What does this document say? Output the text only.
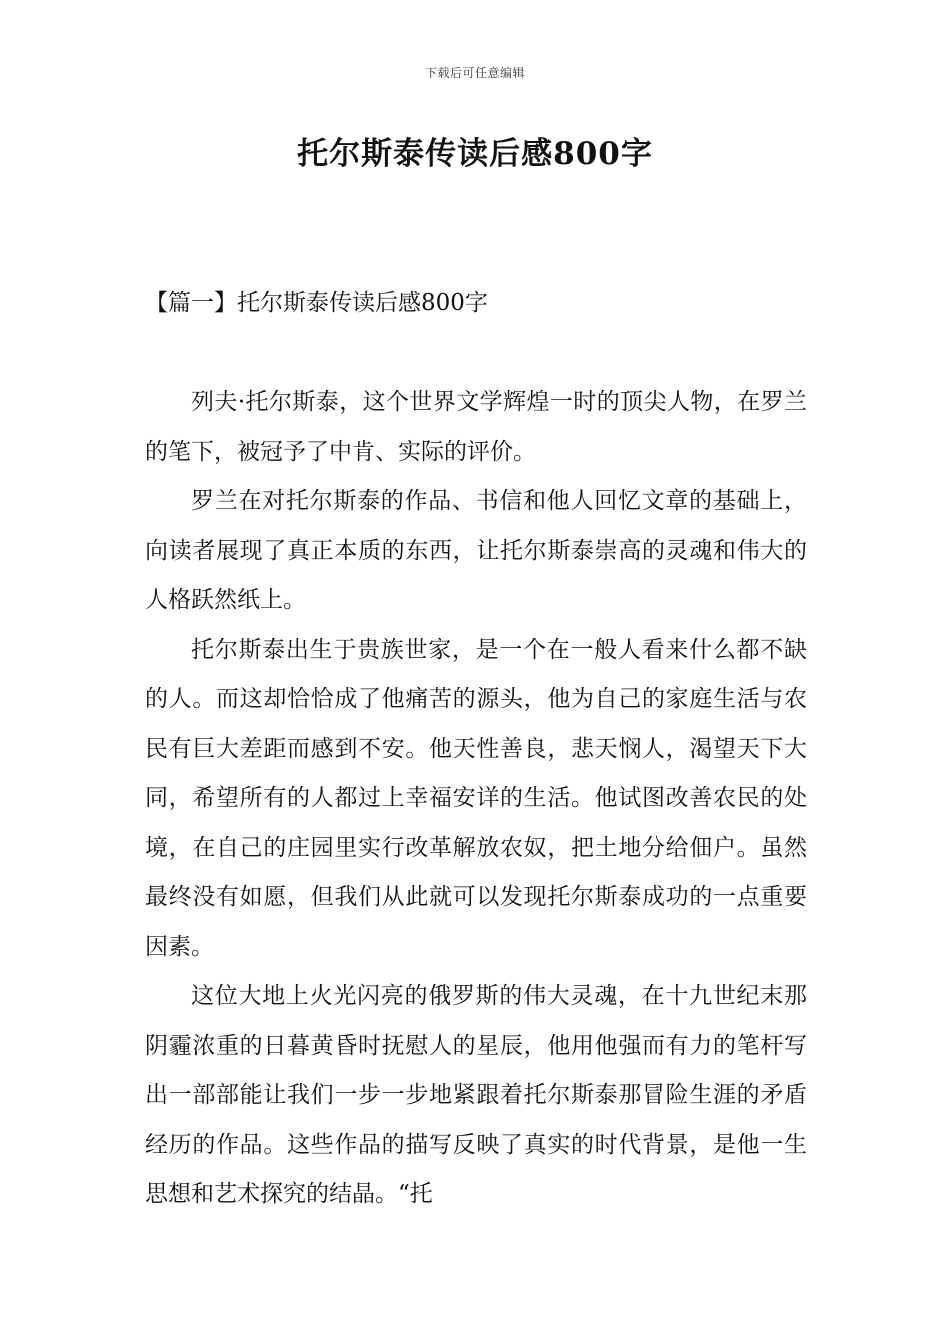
下载后可任意编辑
托尔斯泰传读后感800字
【篇一】托尔斯泰传读后感800字

列夫·托尔斯泰，这个世界文学辉煌一时的顶尖人物，在罗兰的笔下，被冠予了中肯、实际的评价。

罗兰在对托尔斯泰的作品、书信和他人回忆文章的基础上，向读者展现了真正本质的东西，让托尔斯泰崇高的灵魂和伟大的人格跃然纸上。

托尔斯泰出生于贵族世家，是一个在一般人看来什么都不缺的人。而这却恰恰成了他痛苦的源头，他为自己的家庭生活与农民有巨大差距而感到不安。他天性善良，悲天悯人，渴望天下大同，希望所有的人都过上幸福安详的生活。他试图改善农民的处境，在自己的庄园里实行改革解放农奴，把土地分给佃户。虽然最终没有如愿，但我们从此就可以发现托尔斯泰成功的一点重要因素。

这位大地上火光闪亮的俄罗斯的伟大灵魂，在十九世纪末那阴霾浓重的日暮黄昏时抚慰人的星辰，他用他强而有力的笔杆写出一部部能让我们一步一步地紧跟着托尔斯泰那冒险生涯的矛盾经历的作品。这些作品的描写反映了真实的时代背景，是他一生思想和艺术探究的结晶。“托
